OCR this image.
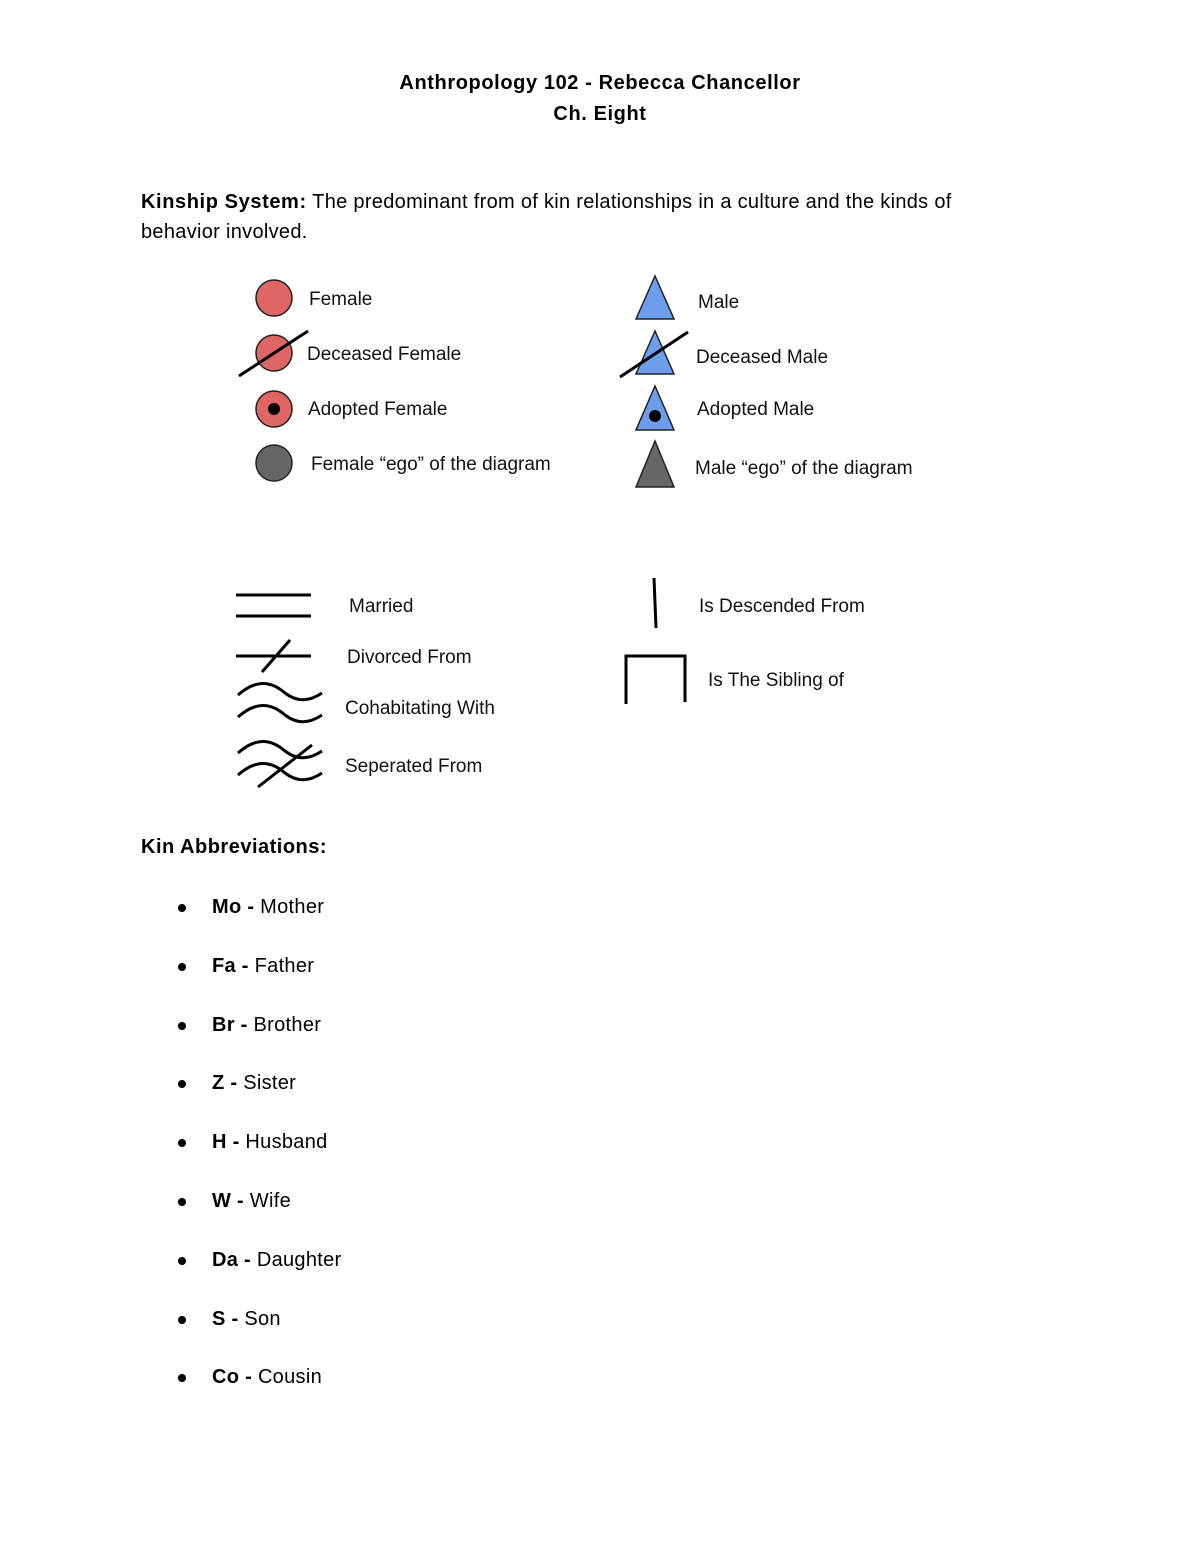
Anthropology 102 - Rebecca Chancellor
Ch. Eight
Kinship System: The predominant from of kin relationships in a culture and the kinds of behavior involved.
Female
Deceased Female
Adopted Female
Female “ego” of the diagram
Male
Deceased Male
Adopted Male
Male “ego” of the diagram
Married
Divorced From
Cohabitating With
Seperated From
Is Descended From
Is The Sibling of
Kin Abbreviations:
Mo - Mother
Fa - Father
Br - Brother
Z - Sister
H - Husband
W - Wife
Da - Daughter
S - Son
Co - Cousin
